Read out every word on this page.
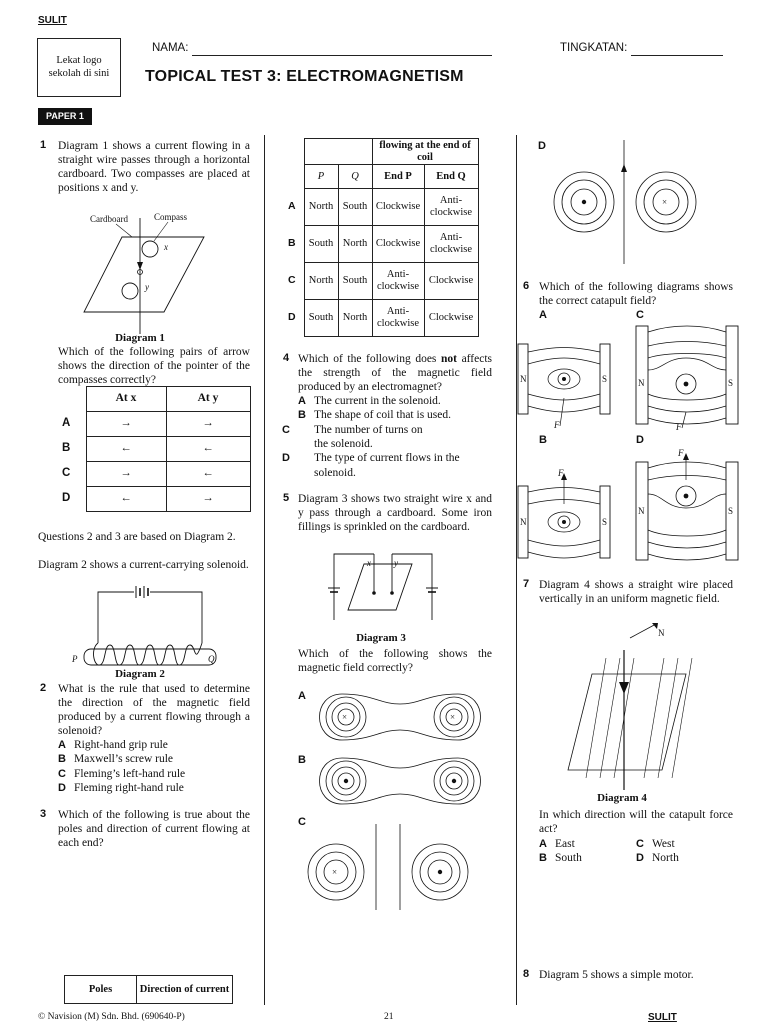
SULIT
Lekat logo sekolah di sini
NAMA:	TINGKATAN:
TOPICAL TEST 3: ELECTROMAGNETISM
PAPER 1
1 Diagram 1 shows a current flowing in a straight wire passes through a horizontal cardboard. Two compasses are placed at positions x and y.
Cardboard	Compass
x
y
Diagram 1
Which of the following pairs of arrow shows the direction of the pointer of the compasses correctly?
	At x	At y
A	→	→
B	←	←
C	→	←
D	←	→
Questions 2 and 3 are based on Diagram 2.
Diagram 2 shows a current-carrying solenoid.
P	Q
Diagram 2
2 What is the rule that used to determine the direction of the magnetic field produced by a current flowing through a solenoid?
A Right-hand grip rule
B Maxwell’s screw rule
C Fleming’s left-hand rule
D Fleming right-hand rule
3 Which of the following is true about the poles and direction of current flowing at each end?
Poles	Direction of current
			flowing at the end of coil	
	P	Q	End P	End Q
A	North	South	Clockwise	Anti-clockwise
B	South	North	Clockwise	Anti-clockwise
C	North	South	Anti-clockwise	Clockwise
D	South	North	Anti-clockwise	Clockwise
4 Which of the following does not affects the strength of the magnetic field produced by an electromagnet?
A The current in the solenoid.
B The shape of coil that is used.
C The number of turns on the solenoid.
D The type of current flows in the solenoid.
5 Diagram 3 shows two straight wire x and y pass through a cardboard. Some iron fillings is sprinkled on the cardboard.
x	y
Diagram 3
Which of the following shows the magnetic field correctly?
A
×	×
B
C
×
D
×
6 Which of the following diagrams shows the correct catapult field?
A	C
N	S
F
N	S
F
B	D
N	S
F
N	S
F
7 Diagram 4 shows a straight wire placed vertically in an uniform magnetic field.
N
Diagram 4
In which direction will the catapult force act?
A East	C West
B South	D North
8 Diagram 5 shows a simple motor.
© Navision (M) Sdn. Bhd. (690640-P)	21	SULIT
